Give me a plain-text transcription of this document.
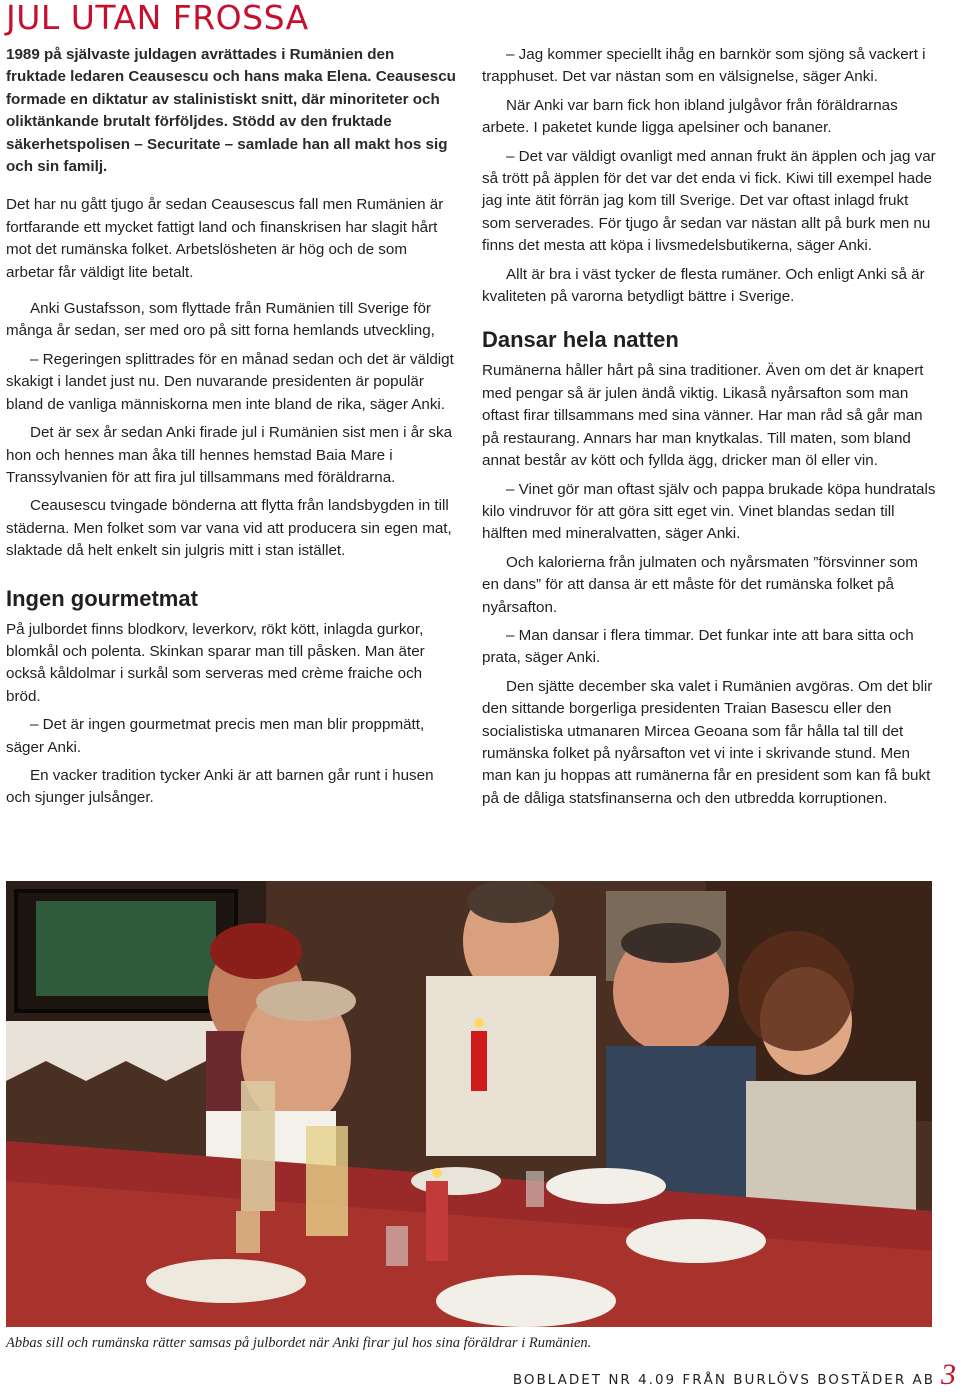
JUL UTAN FROSSA

1989 på självaste juldagen avrättades i Rumänien den fruktade ledaren Ceausescu och hans maka Elena. Ceausescu formade en diktatur av stalinistiskt snitt, där minoriteter och oliktänkande brutalt förföljdes. Stödd av den fruktade säkerhetspolisen – Securitate – samlade han all makt hos sig och sin familj.

Det har nu gått tjugo år sedan Ceausescus fall men Rumänien är fortfarande ett mycket fattigt land och finanskrisen har slagit hårt mot det rumänska folket. Arbetslösheten är hög och de som arbetar får väldigt lite betalt.

Anki Gustafsson, som flyttade från Rumänien till Sverige för många år sedan, ser med oro på sitt forna hemlands utveckling,

– Regeringen splittrades för en månad sedan och det är väldigt skakigt i landet just nu. Den nuvarande presidenten är populär bland de vanliga människorna men inte bland de rika, säger Anki.

Det är sex år sedan Anki firade jul i Rumänien sist men i år ska hon och hennes man åka till hennes hemstad Baia Mare i Transsylvanien för att fira jul tillsammans med föräldrarna.

Ceausescu tvingade bönderna att flytta från landsbygden in till städerna. Men folket som var vana vid att producera sin egen mat, slaktade då helt enkelt sin julgris mitt i stan istället.

Ingen gourmetmat

På julbordet finns blodkorv, leverkorv, rökt kött, inlagda gurkor, blomkål och polenta. Skinkan sparar man till påsken. Man äter också kåldolmar i surkål som serveras med crème fraiche och bröd.

– Det är ingen gourmetmat precis men man blir proppmätt, säger Anki.

En vacker tradition tycker Anki är att barnen går runt i husen och sjunger julsånger.

– Jag kommer speciellt ihåg en barnkör som sjöng så vackert i trapphuset. Det var nästan som en välsignelse, säger Anki.

När Anki var barn fick hon ibland julgåvor från föräldrarnas arbete. I paketet kunde ligga apelsiner och bananer.

– Det var väldigt ovanligt med annan frukt än äpplen och jag var så trött på äpplen för det var det enda vi fick. Kiwi till exempel hade jag inte ätit förrän jag kom till Sverige. Det var oftast inlagd frukt som serverades. För tjugo år sedan var nästan allt på burk men nu finns det mesta att köpa i livsmedelsbutikerna, säger Anki.

Allt är bra i väst tycker de flesta rumäner. Och enligt Anki så är kvaliteten på varorna betydligt bättre i Sverige.

Dansar hela natten

Rumänerna håller hårt på sina traditioner. Även om det är knapert med pengar så är julen ändå viktig. Likaså nyårsafton som man oftast firar tillsammans med sina vänner. Har man råd så går man på restaurang. Annars har man knytkalas. Till maten, som bland annat består av kött och fyllda ägg, dricker man öl eller vin.

– Vinet gör man oftast själv och pappa brukade köpa hundratals kilo vindruvor för att göra sitt eget vin. Vinet blandas sedan till hälften med mineralvatten, säger Anki.

Och kalorierna från julmaten och nyårsmaten ”försvinner som en dans” för att dansa är ett måste för det rumänska folket på nyårsafton.

– Man dansar i flera timmar. Det funkar inte att bara sitta och prata, säger Anki.

Den sjätte december ska valet i Rumänien avgöras. Om det blir den sittande borgerliga presidenten Traian Basescu eller den socialistiska utmanaren Mircea Geoana som får hålla tal till det rumänska folket på nyårsafton vet vi inte i skrivande stund. Men man kan ju hoppas att rumänerna får en president som kan få bukt på de dåliga statsfinanserna och den utbredda korruptionen.

Abbas sill och rumänska rätter samsas på julbordet när Anki firar jul hos sina föräldrar i Rumänien.
BOBLADET NR 4.09 FRÅN BURLÖVS BOSTÄDER AB 3
